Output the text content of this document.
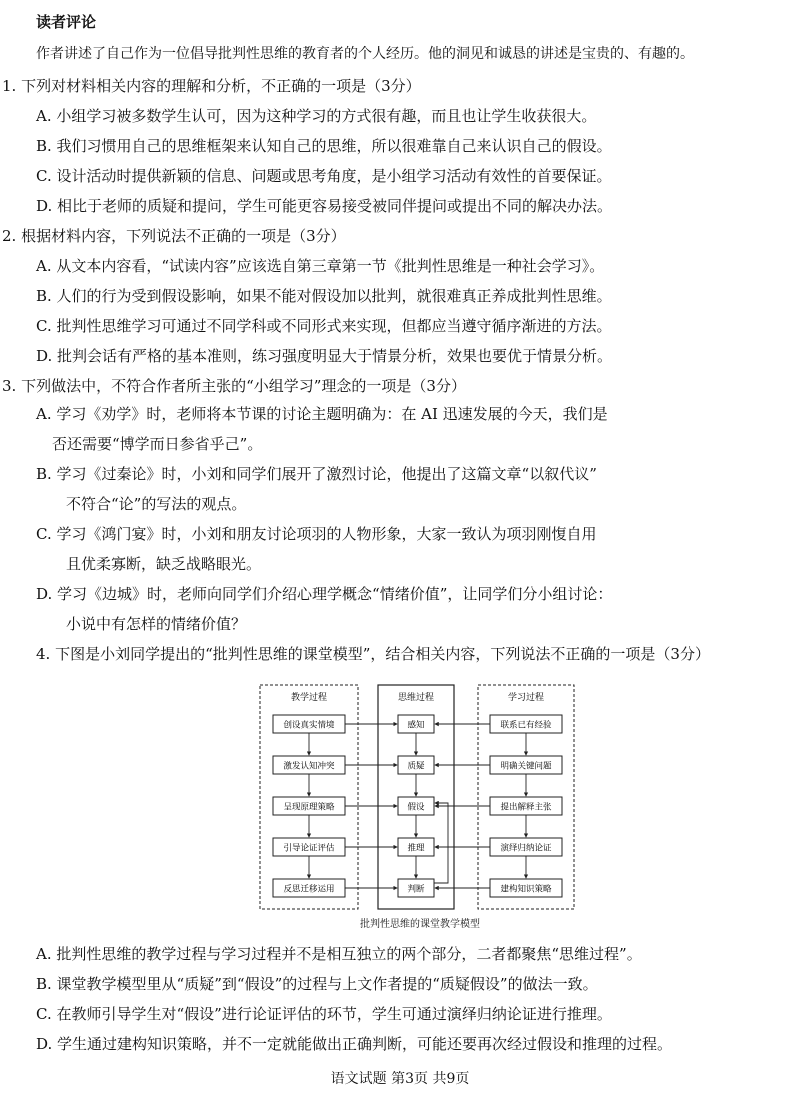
读者评论
作者讲述了自己作为一位倡导批判性思维的教育者的个人经历。他的洞见和诚恳的讲述是宝贵的、有趣的。
1. 下列对材料相关内容的理解和分析，不正确的一项是（3分）
A. 小组学习被多数学生认可，因为这种学习的方式很有趣，而且也让学生收获很大。
B. 我们习惯用自己的思维框架来认知自己的思维，所以很难靠自己来认识自己的假设。
C. 设计活动时提供新颖的信息、问题或思考角度，是小组学习活动有效性的首要保证。
D. 相比于老师的质疑和提问，学生可能更容易接受被同伴提问或提出不同的解决办法。
2. 根据材料内容，下列说法不正确的一项是（3分）
A. 从文本内容看，“试读内容”应该选自第三章第一节《批判性思维是一种社会学习》。
B. 人们的行为受到假设影响，如果不能对假设加以批判，就很难真正养成批判性思维。
C. 批判性思维学习可通过不同学科或不同形式来实现，但都应当遵守循序渐进的方法。
D. 批判会话有严格的基本准则，练习强度明显大于情景分析，效果也要优于情景分析。
3. 下列做法中，不符合作者所主张的“小组学习”理念的一项是（3分）
A. 学习《劝学》时，老师将本节课的讨论主题明确为：在 AI 迅速发展的今天，我们是
否还需要“博学而日参省乎己”。
B. 学习《过秦论》时，小刘和同学们展开了激烈讨论，他提出了这篇文章“以叙代议”
不符合“论”的写法的观点。
C. 学习《鸿门宴》时，小刘和朋友讨论项羽的人物形象，大家一致认为项羽刚愎自用
且优柔寡断，缺乏战略眼光。
D. 学习《边城》时，老师向同学们介绍心理学概念“情绪价值”，让同学们分小组讨论：
小说中有怎样的情绪价值？
4. 下图是小刘同学提出的“批判性思维的课堂模型”，结合相关内容，下列说法不正确的一项是（3分）
教学过程	思维过程	学习过程
创设真实情境
激发认知冲突
呈现原理策略
引导论证评估
反思迁移运用
感知
质疑
假设
推理
判断
联系已有经验
明确关键问题
提出解释主张
演绎归纳论证
建构知识策略
批判性思维的课堂教学模型
A. 批判性思维的教学过程与学习过程并不是相互独立的两个部分，二者都聚焦“思维过程”。
B. 课堂教学模型里从“质疑”到“假设”的过程与上文作者提的“质疑假设”的做法一致。
C. 在教师引导学生对“假设”进行论证评估的环节，学生可通过演绎归纳论证进行推理。
D. 学生通过建构知识策略，并不一定就能做出正确判断，可能还要再次经过假设和推理的过程。
语文试题 第3页 共9页
